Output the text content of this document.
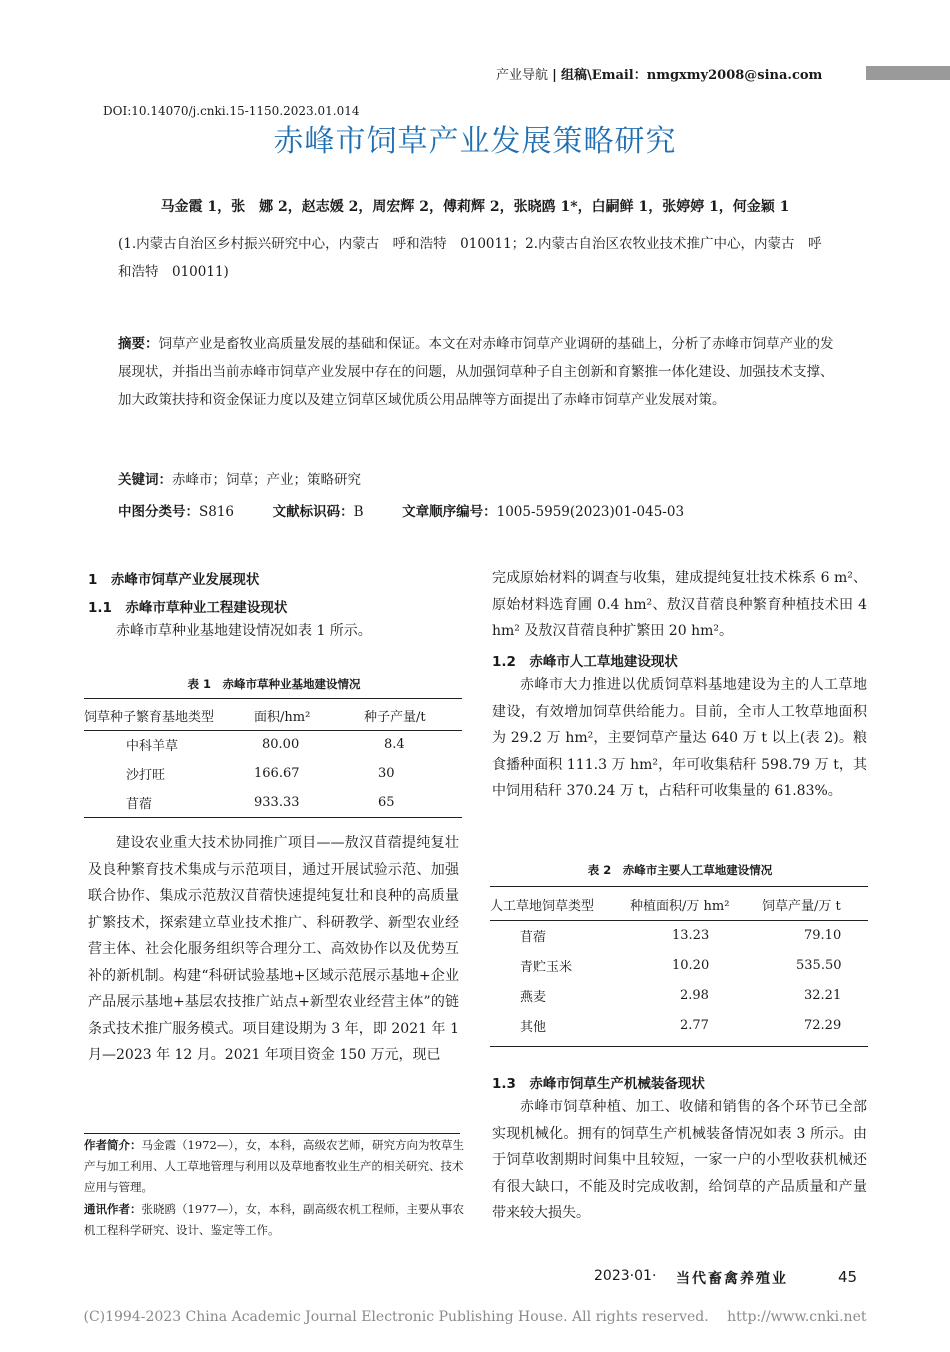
产业导航 | 组稿\Email：nmgxmy2008@sina.com
DOI:10.14070/j.cnki.15-1150.2023.01.014
赤峰市饲草产业发展策略研究
马金霞 1，张　娜 2，赵志媛 2，周宏辉 2，傅莉辉 2，张晓鸥 1*，白嗣鲜 1，张婷婷 1，何金颖 1
(1.内蒙古自治区乡村振兴研究中心，内蒙古　呼和浩特　010011；2.内蒙古自治区农牧业技术推广中心，内蒙古　呼和浩特　010011)
摘要：饲草产业是畜牧业高质量发展的基础和保证。本文在对赤峰市饲草产业调研的基础上，分析了赤峰市饲草产业的发展现状，并指出当前赤峰市饲草产业发展中存在的问题，从加强饲草种子自主创新和育繁推一体化建设、加强技术支撑、加大政策扶持和资金保证力度以及建立饲草区域优质公用品牌等方面提出了赤峰市饲草产业发展对策。
关键词：赤峰市；饲草；产业；策略研究
中图分类号：S816	文献标识码：B	文章顺序编号：1005-5959(2023)01-045-03
1　赤峰市饲草产业发展现状
1.1　赤峰市草种业工程建设现状
赤峰市草种业基地建设情况如表 1 所示。
表 1　赤峰市草种业基地建设情况
饲草种子繁育基地类型	面积/hm²	种子产量/t
中科羊草	80.00	8.4
沙打旺	166.67	30
苜蓿	933.33	65
建设农业重大技术协同推广项目——敖汉苜蓿提纯复壮及良种繁育技术集成与示范项目，通过开展试验示范、加强联合协作、集成示范敖汉苜蓿快速提纯复壮和良种的高质量扩繁技术，探索建立草业技术推广、科研教学、新型农业经营主体、社会化服务组织等合理分工、高效协作以及优势互补的新机制。构建“科研试验基地+区域示范展示基地+企业产品展示基地+基层农技推广站点+新型农业经营主体”的链条式技术推广服务模式。项目建设期为 3 年，即 2021 年 1 月—2023 年 12 月。2021 年项目资金 150 万元，现已
作者简介：马金霞（1972—），女，本科，高级农艺师，研究方向为牧草生产与加工利用、人工草地管理与利用以及草地畜牧业生产的相关研究、技术应用与管理。
通讯作者：张晓鸥（1977—），女，本科，副高级农机工程师，主要从事农机工程科学研究、设计、鉴定等工作。
完成原始材料的调查与收集，建成提纯复壮技术株系 6 m²、原始材料选育圃 0.4 hm²、敖汉苜蓿良种繁育种植技术田 4 hm² 及敖汉苜蓿良种扩繁田 20 hm²。
1.2　赤峰市人工草地建设现状
赤峰市大力推进以优质饲草料基地建设为主的人工草地建设，有效增加饲草供给能力。目前，全市人工牧草地面积为 29.2 万 hm²，主要饲草产量达 640 万 t 以上(表 2)。粮食播种面积 111.3 万 hm²，年可收集秸秆 598.79 万 t，其中饲用秸秆 370.24 万 t，占秸秆可收集量的 61.83%。
表 2　赤峰市主要人工草地建设情况
人工草地饲草类型	种植面积/万 hm²	饲草产量/万 t
苜蓿	13.23	79.10
青贮玉米	10.20	535.50
燕麦	2.98	32.21
其他	2.77	72.29
1.3　赤峰市饲草生产机械装备现状
赤峰市饲草种植、加工、收储和销售的各个环节已全部实现机械化。拥有的饲草生产机械装备情况如表 3 所示。由于饲草收割期时间集中且较短，一家一户的小型收获机械还有很大缺口，不能及时完成收割，给饲草的产品质量和产量带来较大损失。
2023·01 · 当代畜禽养殖业	45
(C)1994-2023 China Academic Journal Electronic Publishing House. All rights reserved.　 http://www.cnki.net
